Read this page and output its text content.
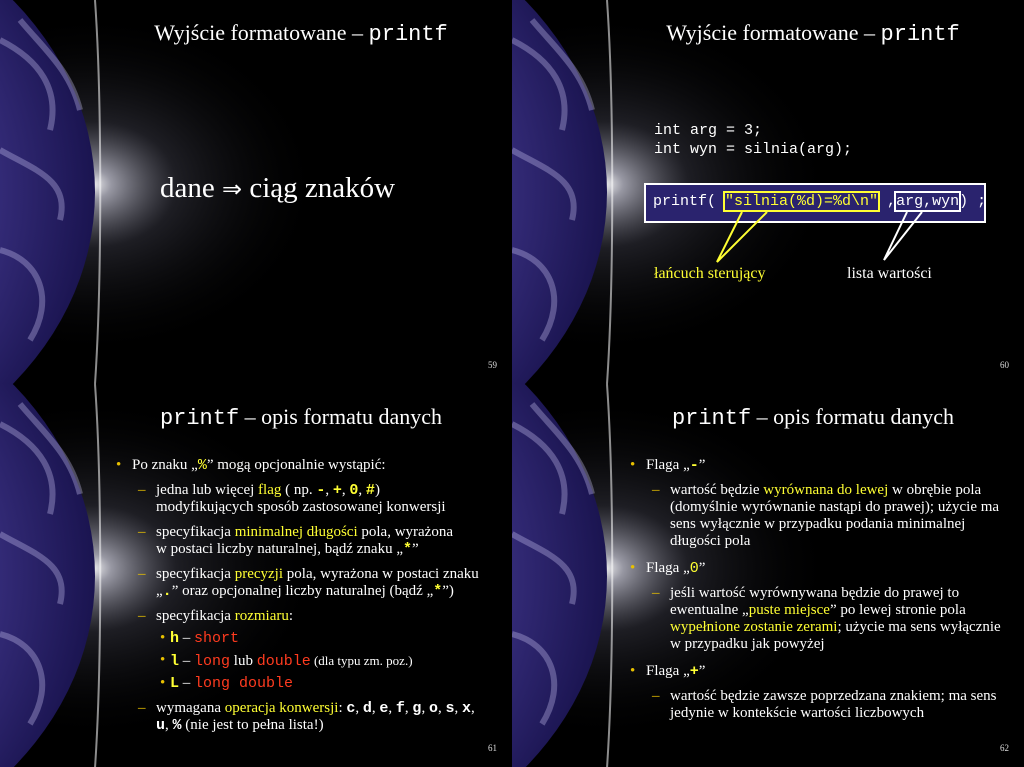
Wyjście formatowane – printf
dane ⇒ ciąg znaków
59
Wyjście formatowane – printf
int arg = 3;
int wyn = silnia(arg);
printf( "silnia(%d)=%d\n" ,arg,wyn) ;
łańcuch sterujący	lista wartości
60
printf – opis formatu danych
• Po znaku „%” mogą opcjonalnie wystąpić:
– jedna lub więcej flag ( np. -, +, 0, #)
modyfikujących sposób zastosowanej konwersji
– specyfikacja minimalnej długości pola, wyrażona
w postaci liczby naturalnej, bądź znaku „*”
– specyfikacja precyzji pola, wyrażona w postaci znaku
„.” oraz opcjonalnej liczby naturalnej (bądź „*”)
– specyfikacja rozmiaru:
• h – short
• l – long lub double (dla typu zm. poz.)
• L – long double
– wymagana operacja konwersji: c, d, e, f, g, o, s, x,
u, % (nie jest to pełna lista!)
61
printf – opis formatu danych
• Flaga „-”
– wartość będzie wyrównana do lewej w obrębie pola (domyślnie wyrównanie nastąpi do prawej); użycie ma sens wyłącznie w przypadku podania minimalnej długości pola
• Flaga „0”
– jeśli wartość wyrównywana będzie do prawej to ewentualne „puste miejsce” po lewej stronie pola wypełnione zostanie zerami; użycie ma sens wyłącznie w przypadku jak powyżej
• Flaga „+”
– wartość będzie zawsze poprzedzana znakiem; ma sens jedynie w kontekście wartości liczbowych
62
